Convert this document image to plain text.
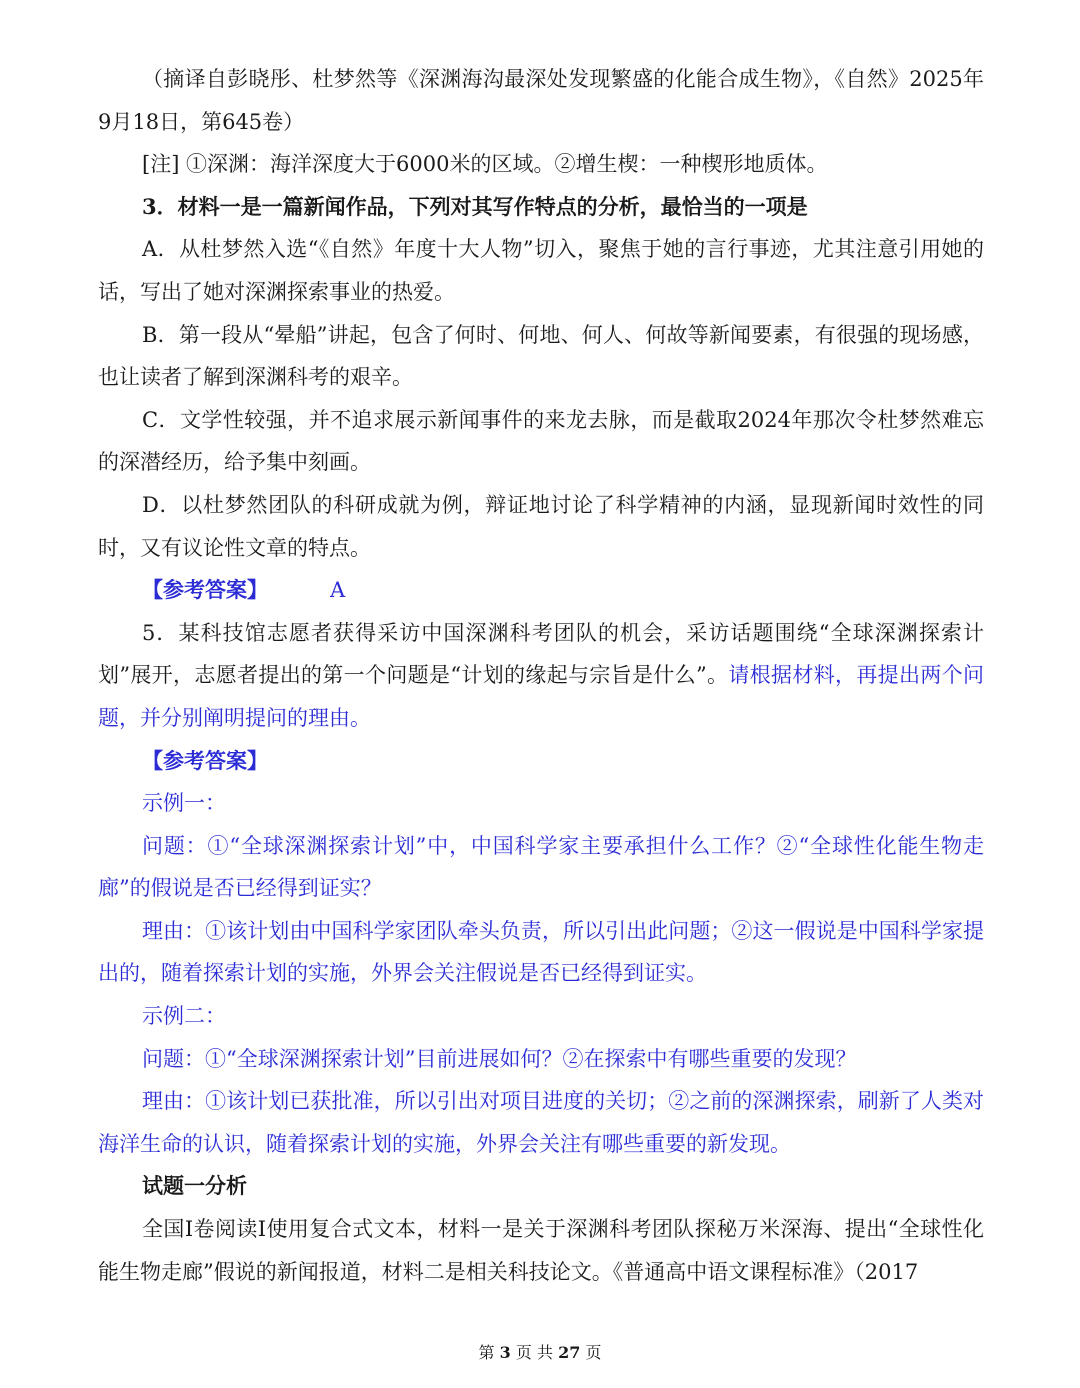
（摘译自彭晓彤、杜梦然等《深渊海沟最深处发现繁盛的化能合成生物》，《自然》2025年9月18日，第645卷）

[注] ①深渊：海洋深度大于6000米的区域。②增生楔：一种楔形地质体。

3．材料一是一篇新闻作品，下列对其写作特点的分析，最恰当的一项是

A．从杜梦然入选“《自然》年度十大人物”切入，聚焦于她的言行事迹，尤其注意引用她的话，写出了她对深渊探索事业的热爱。

B．第一段从“晕船”讲起，包含了何时、何地、何人、何故等新闻要素，有很强的现场感，也让读者了解到深渊科考的艰辛。

C．文学性较强，并不追求展示新闻事件的来龙去脉，而是截取2024年那次令杜梦然难忘的深潜经历，给予集中刻画。

D．以杜梦然团队的科研成就为例，辩证地讨论了科学精神的内涵，显现新闻时效性的同时，又有议论性文章的特点。

【参考答案】	A

5．某科技馆志愿者获得采访中国深渊科考团队的机会，采访话题围绕“全球深渊探索计划”展开，志愿者提出的第一个问题是“计划的缘起与宗旨是什么”。请根据材料，再提出两个问题，并分别阐明提问的理由。

【参考答案】

示例一：

问题：①“全球深渊探索计划”中，中国科学家主要承担什么工作？②“全球性化能生物走廊”的假说是否已经得到证实？

理由：①该计划由中国科学家团队牵头负责，所以引出此问题；②这一假说是中国科学家提出的，随着探索计划的实施，外界会关注假说是否已经得到证实。

示例二：

问题：①“全球深渊探索计划”目前进展如何？②在探索中有哪些重要的发现？

理由：①该计划已获批准，所以引出对项目进度的关切；②之前的深渊探索，刷新了人类对海洋生命的认识，随着探索计划的实施，外界会关注有哪些重要的新发现。

试题一分析

全国Ⅰ卷阅读Ⅰ使用复合式文本，材料一是关于深渊科考团队探秘万米深海、提出“全球性化能生物走廊”假说的新闻报道，材料二是相关科技论文。《普通高中语文课程标准》（2017

第 3 页 共 27 页
